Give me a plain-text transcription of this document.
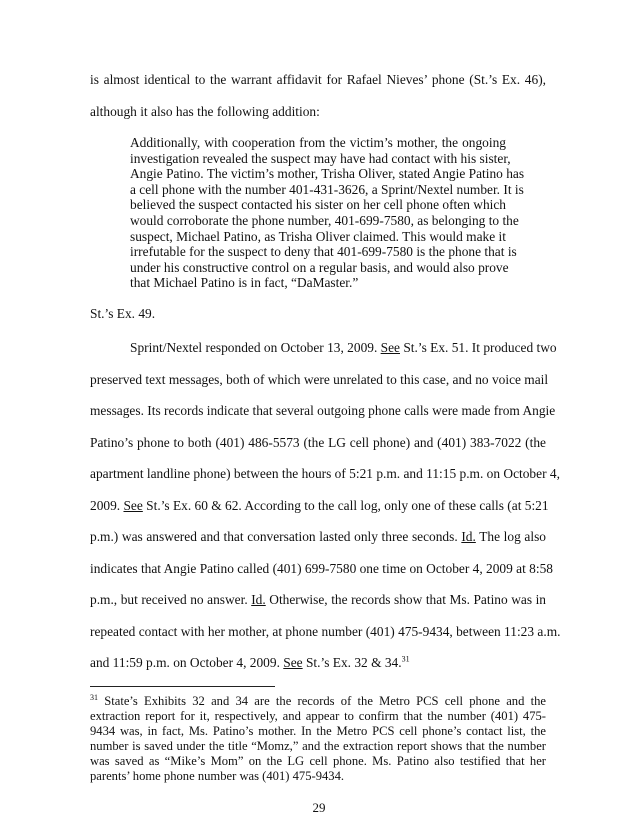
is almost identical to the warrant affidavit for Rafael Nieves’ phone (St.’s Ex. 46),
although it also has the following addition:
Additionally, with cooperation from the victim’s mother, the ongoing
investigation revealed the suspect may have had contact with his sister,
Angie Patino. The victim’s mother, Trisha Oliver, stated Angie Patino has
a cell phone with the number 401-431-3626, a Sprint/Nextel number. It is
believed the suspect contacted his sister on her cell phone often which
would corroborate the phone number, 401-699-7580, as belonging to the
suspect, Michael Patino, as Trisha Oliver claimed. This would make it
irrefutable for the suspect to deny that 401-699-7580 is the phone that is
under his constructive control on a regular basis, and would also prove
that Michael Patino is in fact, “DaMaster.”
St.’s Ex. 49.
Sprint/Nextel responded on October 13, 2009. See St.’s Ex. 51. It produced two
preserved text messages, both of which were unrelated to this case, and no voice mail
messages. Its records indicate that several outgoing phone calls were made from Angie
Patino’s phone to both (401) 486-5573 (the LG cell phone) and (401) 383-7022 (the
apartment landline phone) between the hours of 5:21 p.m. and 11:15 p.m. on October 4,
2009. See St.’s Ex. 60 & 62. According to the call log, only one of these calls (at 5:21
p.m.) was answered and that conversation lasted only three seconds. Id. The log also
indicates that Angie Patino called (401) 699-7580 one time on October 4, 2009 at 8:58
p.m., but received no answer. Id. Otherwise, the records show that Ms. Patino was in
repeated contact with her mother, at phone number (401) 475-9434, between 11:23 a.m.
and 11:59 p.m. on October 4, 2009. See St.’s Ex. 32 & 34.31
$^{31}$ State’s Exhibits 32 and 34 are the records of the Metro PCS cell phone and the
extraction report for it, respectively, and appear to confirm that the number (401) 475-
9434 was, in fact, Ms. Patino’s mother. In the Metro PCS cell phone’s contact list, the
number is saved under the title “Momz,” and the extraction report shows that the number
was saved as “Mike’s Mom” on the LG cell phone. Ms. Patino also testified that her
parents’ home phone number was (401) 475-9434.
29
